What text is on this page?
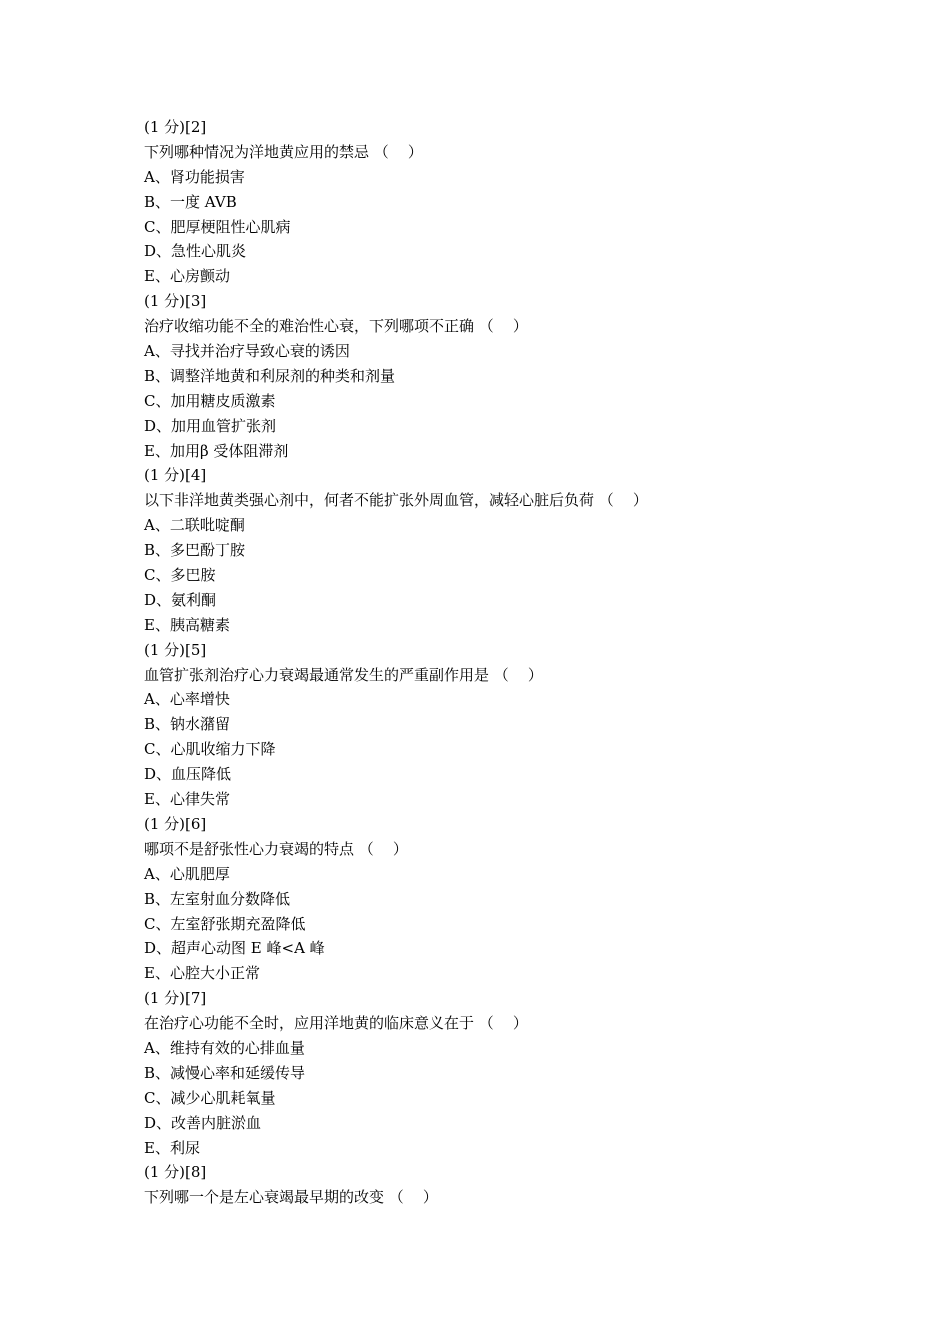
(1 分)[2]
下列哪种情况为洋地黄应用的禁忌 （    ）
A、肾功能损害
B、一度 AVB
C、肥厚梗阻性心肌病
D、急性心肌炎
E、心房颤动
(1 分)[3]
治疗收缩功能不全的难治性心衰，下列哪项不正确 （    ）
A、寻找并治疗导致心衰的诱因
B、调整洋地黄和利尿剂的种类和剂量
C、加用糖皮质激素
D、加用血管扩张剂
E、加用β 受体阻滞剂
(1 分)[4]
以下非洋地黄类强心剂中，何者不能扩张外周血管，减轻心脏后负荷 （    ）
A、二联吡啶酮
B、多巴酚丁胺
C、多巴胺
D、氨利酮
E、胰高糖素
(1 分)[5]
血管扩张剂治疗心力衰竭最通常发生的严重副作用是 （    ）
A、心率增快
B、钠水潴留
C、心肌收缩力下降
D、血压降低
E、心律失常
(1 分)[6]
哪项不是舒张性心力衰竭的特点 （    ）
A、心肌肥厚
B、左室射血分数降低
C、左室舒张期充盈降低
D、超声心动图 E 峰<A 峰
E、心腔大小正常
(1 分)[7]
在治疗心功能不全时，应用洋地黄的临床意义在于 （    ）
A、维持有效的心排血量
B、减慢心率和延缓传导
C、减少心肌耗氧量
D、改善内脏淤血
E、利尿
(1 分)[8]
下列哪一个是左心衰竭最早期的改变 （    ）
